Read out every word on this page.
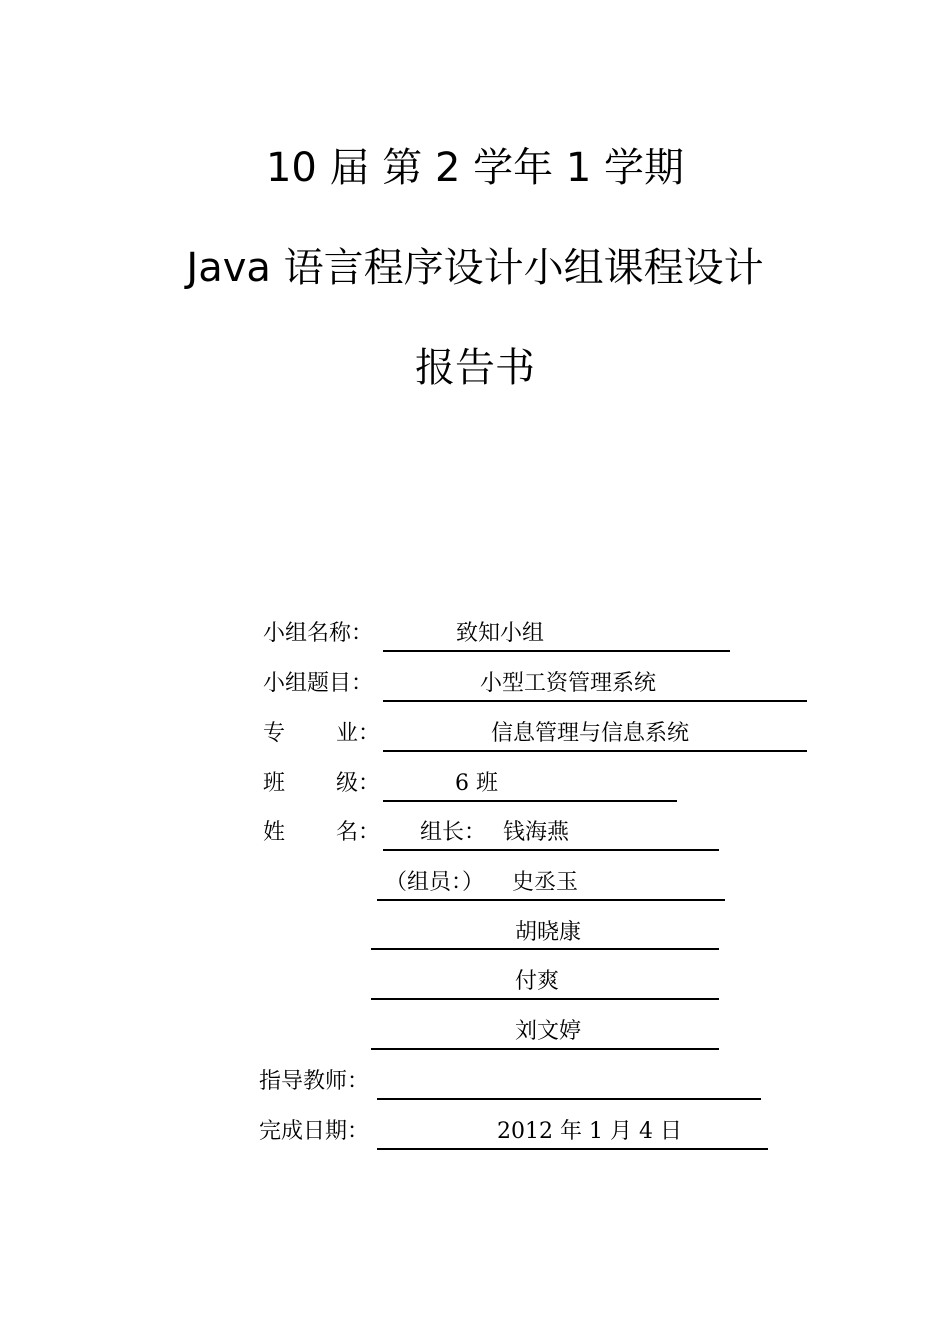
10 届 第 2 学年 1 学期
Java 语言程序设计小组课程设计
报告书
小组名称：	致知小组
小组题目：	小型工资管理系统
专 业：	信息管理与信息系统
班 级：	6 班
姓 名： 组长： 钱海燕
（组员：） 史丞玉
胡晓康
付爽
刘文婷
指导教师：
完成日期：	2012 年 1 月 4 日
